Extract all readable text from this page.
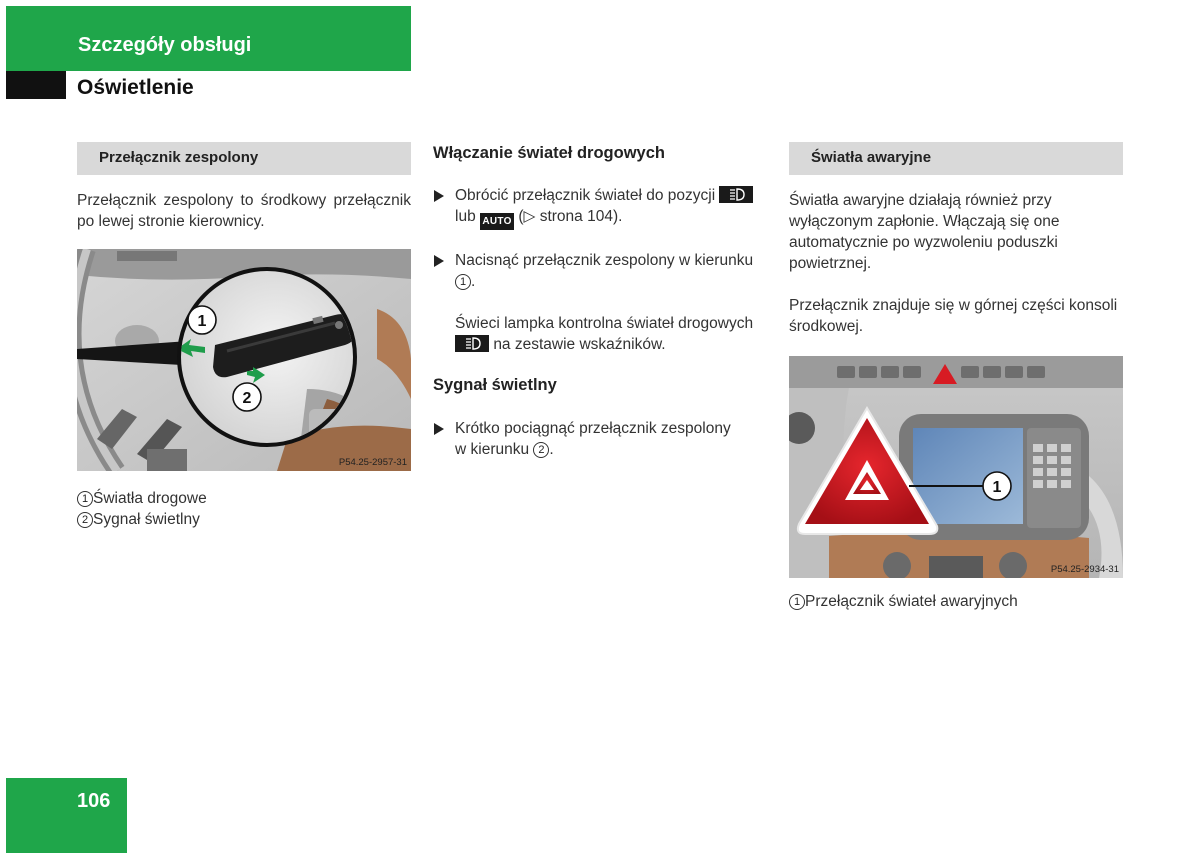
Szczegóły obsługi
Oświetlenie
Przełącznik zespolony

Przełącznik zespolony to środkowy przełącznik po lewej stronie kierownicy.

1
2
P54.25-2957-31
1 Światła drogowe
2 Sygnał świetlny
Włączanie świateł drogowych
Obrócić przełącznik świateł do pozycji

lub AUTO (▷ strona 104).
Nacisnąć przełącznik zespolony w kierunku
1 .
Świeci lampka kontrolna świateł drogowych

na zestawie wskaźników.
Sygnał świetlny
Krótko pociągnąć przełącznik zespolony
w kierunku 2 .
Światła awaryjne

Światła awaryjne działają również przy wyłączonym zapłonie. Włączają się one automatycznie po wyzwoleniu poduszki powietrznej.

Przełącznik znajduje się w górnej części konsoli środkowej.

1
P54.25-2934-31
1 Przełącznik świateł awaryjnych
106
